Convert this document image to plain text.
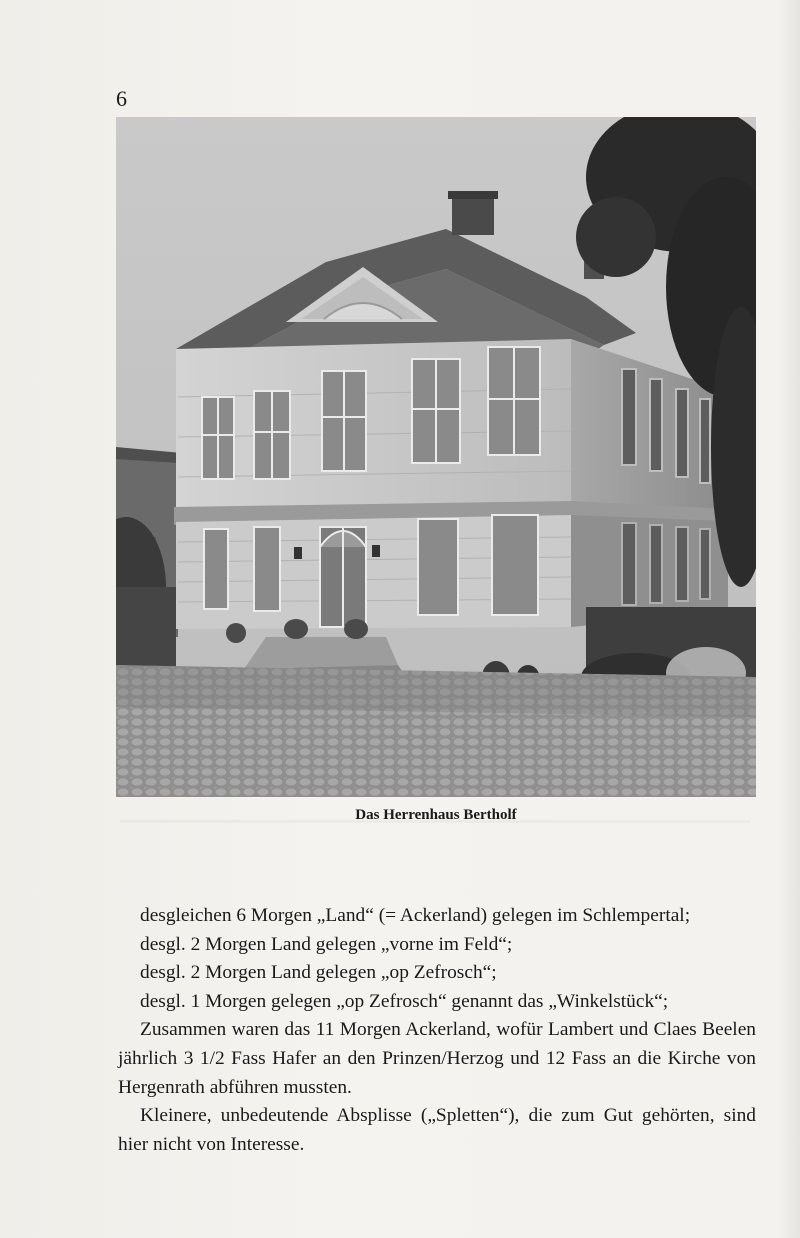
6
Das Herrenhaus Bertholf

desgleichen 6 Morgen „Land“ (= Ackerland) gelegen im Schlempertal;

desgl. 2 Morgen Land gelegen „vorne im Feld“;

desgl. 2 Morgen Land gelegen „op Zefrosch“;

desgl. 1 Morgen gelegen „op Zefrosch“ genannt das „Winkelstück“;

Zusammen waren das 11 Morgen Ackerland, wofür Lambert und Claes Beelen jährlich 3 1/2 Fass Hafer an den Prinzen/Herzog und 12 Fass an die Kirche von Hergenrath abführen mussten.

Kleinere, unbedeutende Absplisse („Spletten“), die zum Gut gehörten, sind hier nicht von Interesse.
